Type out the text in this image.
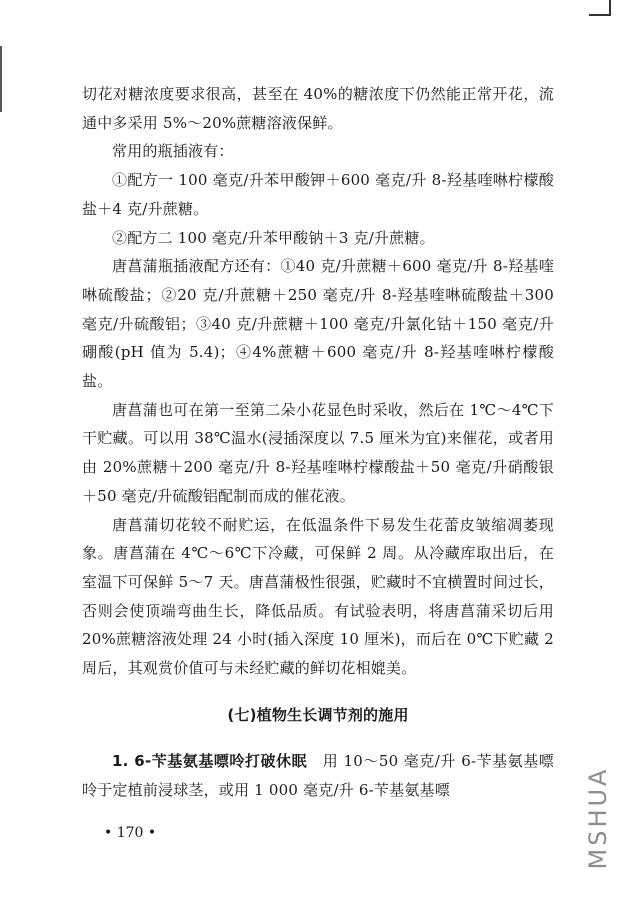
切花对糖浓度要求很高，甚至在 40%的糖浓度下仍然能正常开花，流通中多采用 5%～20%蔗糖溶液保鲜。

常用的瓶插液有：

①配方一 100 毫克/升苯甲酸钾＋600 毫克/升 8-羟基喹啉柠檬酸盐＋4 克/升蔗糖。

②配方二 100 毫克/升苯甲酸钠＋3 克/升蔗糖。

唐菖蒲瓶插液配方还有：①40 克/升蔗糖＋600 毫克/升 8-羟基喹啉硫酸盐；②20 克/升蔗糖＋250 毫克/升 8-羟基喹啉硫酸盐＋300 毫克/升硫酸铝；③40 克/升蔗糖＋100 毫克/升氯化钴＋150 毫克/升硼酸(pH 值为 5.4)；④4%蔗糖＋600 毫克/升 8-羟基喹啉柠檬酸盐。

唐菖蒲也可在第一至第二朵小花显色时采收，然后在 1℃～4℃下干贮藏。可以用 38℃温水(浸插深度以 7.5 厘米为宜)来催花，或者用由 20%蔗糖＋200 毫克/升 8-羟基喹啉柠檬酸盐＋50 毫克/升硝酸银＋50 毫克/升硫酸铝配制而成的催花液。

唐菖蒲切花较不耐贮运，在低温条件下易发生花蕾皮皱缩凋萎现象。唐菖蒲在 4℃～6℃下冷藏，可保鲜 2 周。从冷藏库取出后，在室温下可保鲜 5～7 天。唐菖蒲极性很强，贮藏时不宜横置时间过长，否则会使顶端弯曲生长，降低品质。有试验表明，将唐菖蒲采切后用 20%蔗糖溶液处理 24 小时(插入深度 10 厘米)，而后在 0℃下贮藏 2 周后，其观赏价值可与未经贮藏的鲜切花相媲美。

(七)植物生长调节剂的施用

1. 6-苄基氨基嘌呤打破休眠　 用 10～50 毫克/升 6-苄基氨基嘌呤于定植前浸球茎，或用 1 000 毫克/升 6-苄基氨基嘌

• 170 •	MSHUA
